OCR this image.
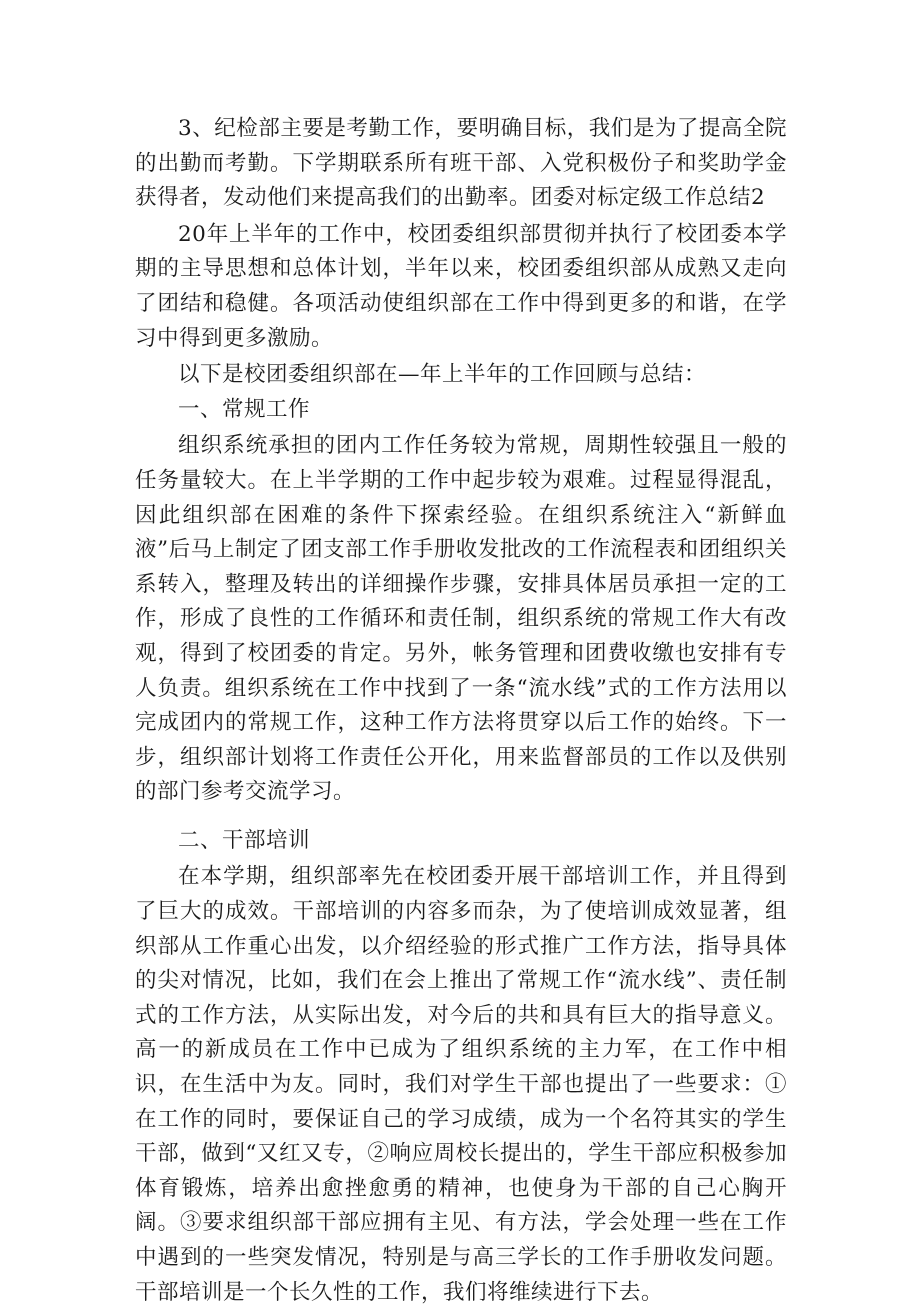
3、纪检部主要是考勤工作，要明确目标，我们是为了提高全院的出勤而考勤。下学期联系所有班干部、入党积极份子和奖助学金获得者，发动他们来提高我们的出勤率。团委对标定级工作总结2

20年上半年的工作中，校团委组织部贯彻并执行了校团委本学期的主导思想和总体计划，半年以来，校团委组织部从成熟又走向了团结和稳健。各项活动使组织部在工作中得到更多的和谐，在学习中得到更多激励。

以下是校团委组织部在—年上半年的工作回顾与总结：

一、常规工作

组织系统承担的团内工作任务较为常规，周期性较强且一般的任务量较大。在上半学期的工作中起步较为艰难。过程显得混乱，因此组织部在困难的条件下探索经验。在组织系统注入“新鲜血液”后马上制定了团支部工作手册收发批改的工作流程表和团组织关系转入，整理及转出的详细操作步骤，安排具体居员承担一定的工作，形成了良性的工作循环和责任制，组织系统的常规工作大有改观，得到了校团委的肯定。另外，帐务管理和团费收缴也安排有专人负责。组织系统在工作中找到了一条“流水线”式的工作方法用以完成团内的常规工作，这种工作方法将贯穿以后工作的始终。下一步，组织部计划将工作责任公开化，用来监督部员的工作以及供别的部门参考交流学习。

二、干部培训

在本学期，组织部率先在校团委开展干部培训工作，并且得到了巨大的成效。干部培训的内容多而杂，为了使培训成效显著，组织部从工作重心出发，以介绍经验的形式推广工作方法，指导具体的尖对情况，比如，我们在会上推出了常规工作“流水线”、责任制式的工作方法，从实际出发，对今后的共和具有巨大的指导意义。高一的新成员在工作中已成为了组织系统的主力军，在工作中相识，在生活中为友。同时，我们对学生干部也提出了一些要求：①在工作的同时，要保证自己的学习成绩，成为一个名符其实的学生干部，做到“又红又专，②响应周校长提出的，学生干部应积极参加体育锻炼，培养出愈挫愈勇的精神，也使身为干部的自己心胸开阔。③要求组织部干部应拥有主见、有方法，学会处理一些在工作中遇到的一些突发情况，特别是与高三学长的工作手册收发问题。干部培训是一个长久性的工作，我们将维续进行下去。
